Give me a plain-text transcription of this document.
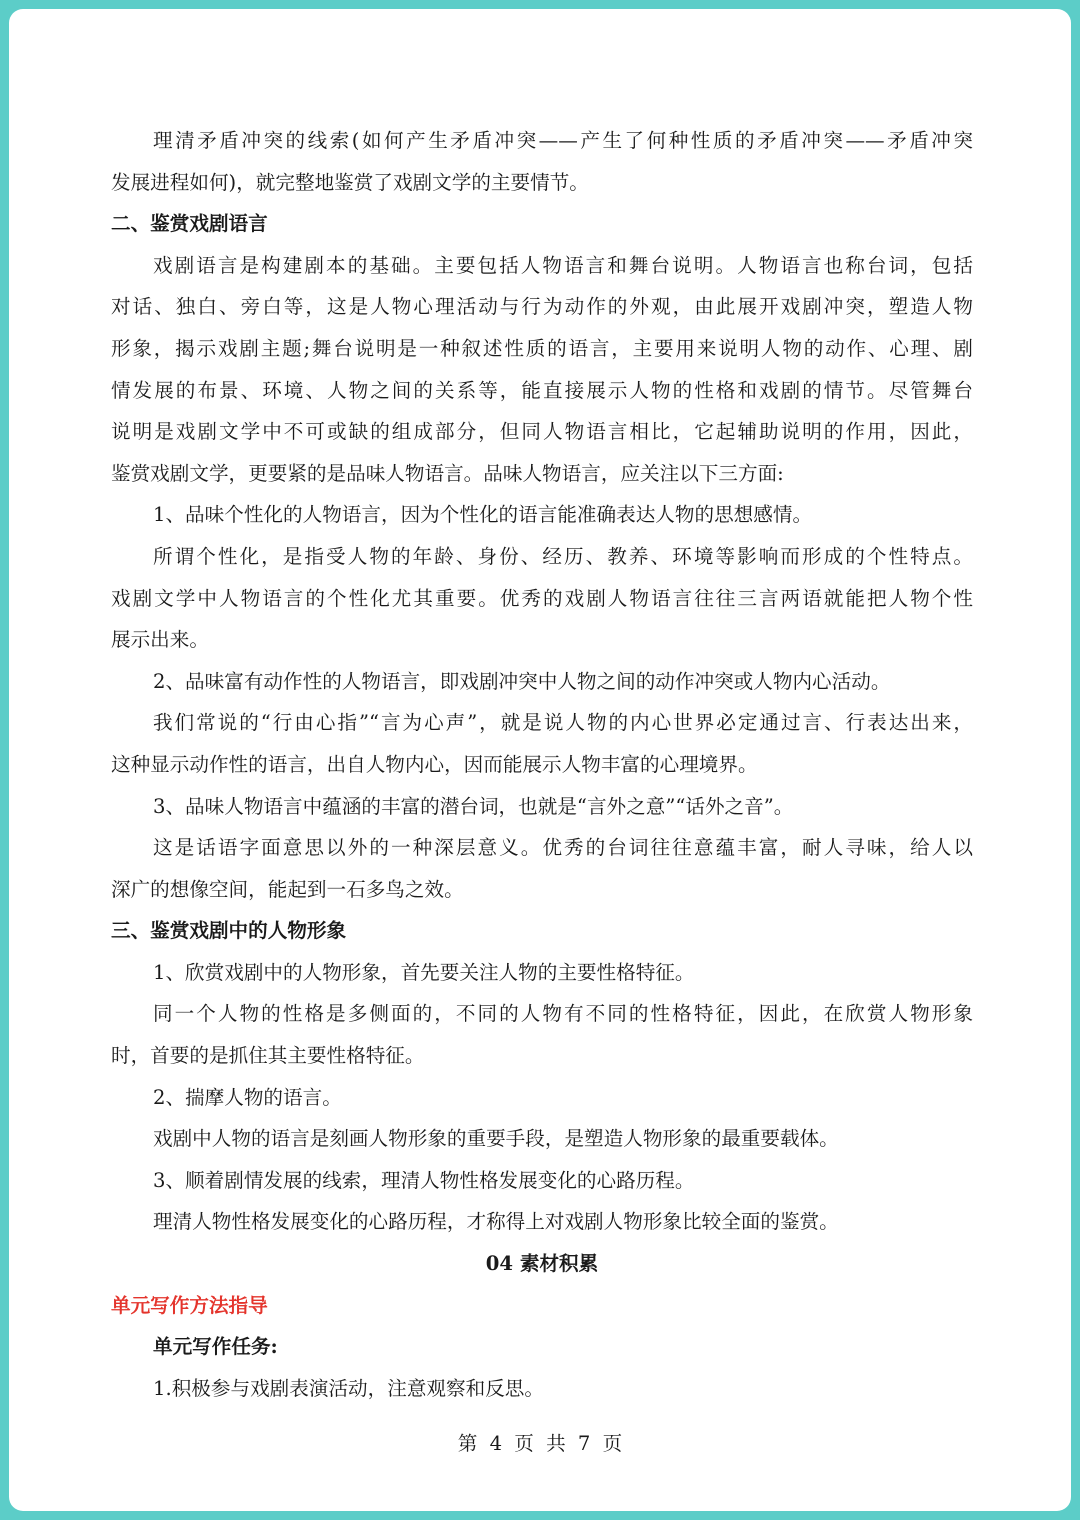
理清矛盾冲突的线索(如何产生矛盾冲突——产生了何种性质的矛盾冲突——矛盾冲突
发展进程如何)，就完整地鉴赏了戏剧文学的主要情节。
二、鉴赏戏剧语言
戏剧语言是构建剧本的基础。主要包括人物语言和舞台说明。人物语言也称台词，包括
对话、独白、旁白等，这是人物心理活动与行为动作的外观，由此展开戏剧冲突，塑造人物
形象，揭示戏剧主题;舞台说明是一种叙述性质的语言，主要用来说明人物的动作、心理、剧
情发展的布景、环境、人物之间的关系等，能直接展示人物的性格和戏剧的情节。尽管舞台
说明是戏剧文学中不可或缺的组成部分，但同人物语言相比，它起辅助说明的作用，因此，
鉴赏戏剧文学，更要紧的是品味人物语言。品味人物语言，应关注以下三方面:
1、品味个性化的人物语言，因为个性化的语言能准确表达人物的思想感情。
所谓个性化，是指受人物的年龄、身份、经历、教养、环境等影响而形成的个性特点。
戏剧文学中人物语言的个性化尤其重要。优秀的戏剧人物语言往往三言两语就能把人物个性
展示出来。
2、品味富有动作性的人物语言，即戏剧冲突中人物之间的动作冲突或人物内心活动。
我们常说的“行由心指”“言为心声”，就是说人物的内心世界必定通过言、行表达出来，
这种显示动作性的语言，出自人物内心，因而能展示人物丰富的心理境界。
3、品味人物语言中蕴涵的丰富的潜台词，也就是“言外之意”“话外之音”。
这是话语字面意思以外的一种深层意义。优秀的台词往往意蕴丰富，耐人寻味，给人以
深广的想像空间，能起到一石多鸟之效。
三、鉴赏戏剧中的人物形象
1、欣赏戏剧中的人物形象，首先要关注人物的主要性格特征。
同一个人物的性格是多侧面的，不同的人物有不同的性格特征，因此，在欣赏人物形象
时，首要的是抓住其主要性格特征。
2、揣摩人物的语言。
戏剧中人物的语言是刻画人物形象的重要手段，是塑造人物形象的最重要载体。
3、顺着剧情发展的线索，理清人物性格发展变化的心路历程。
理清人物性格发展变化的心路历程，才称得上对戏剧人物形象比较全面的鉴赏。
04 素材积累
单元写作方法指导
单元写作任务:
1.积极参与戏剧表演活动，注意观察和反思。
第 4 页 共 7 页
